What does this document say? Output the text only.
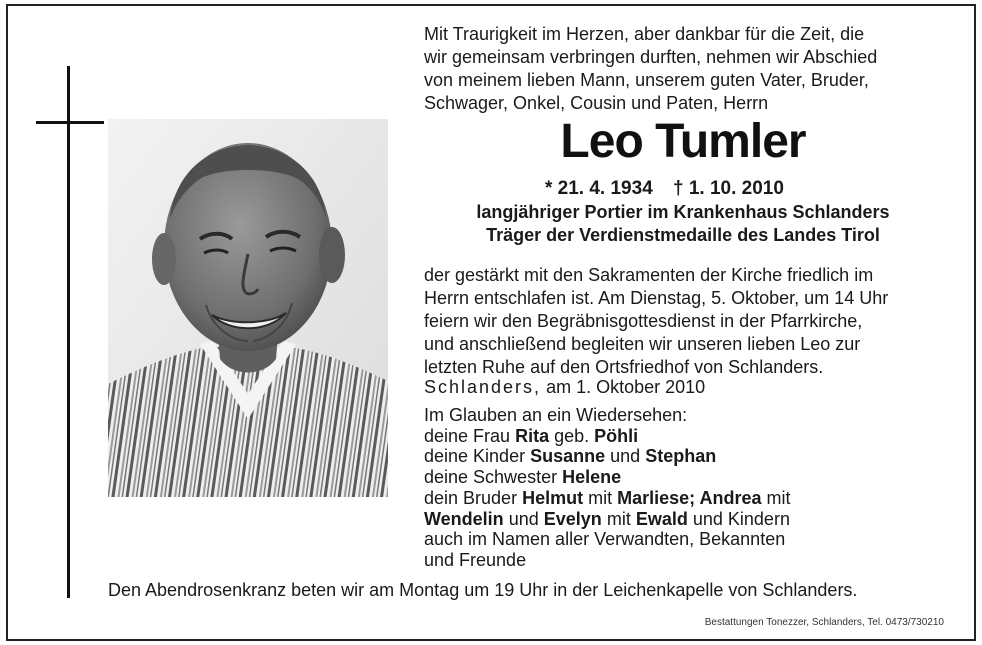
Mit Traurigkeit im Herzen, aber dankbar für die Zeit, die
wir gemeinsam verbringen durften, nehmen wir Abschied
von meinem lieben Mann, unserem guten Vater, Bruder,
Schwager, Onkel, Cousin und Paten, Herrn
Leo Tumler
* 21. 4. 1934 † 1. 10. 2010
langjähriger Portier im Krankenhaus Schlanders
Träger der Verdienstmedaille des Landes Tirol
der gestärkt mit den Sakramenten der Kirche friedlich im
Herrn entschlafen ist. Am Dienstag, 5. Oktober, um 14 Uhr
feiern wir den Begräbnisgottesdienst in der Pfarrkirche,
und anschließend begleiten wir unseren lieben Leo zur
letzten Ruhe auf den Ortsfriedhof von Schlanders.
Schlanders, am 1. Oktober 2010
Im Glauben an ein Wiedersehen:
deine Frau Rita geb. Pöhli
deine Kinder Susanne und Stephan
deine Schwester Helene
dein Bruder Helmut mit Marliese; Andrea mit
Wendelin und Evelyn mit Ewald und Kindern
auch im Namen aller Verwandten, Bekannten
und Freunde
Den Abendrosenkranz beten wir am Montag um 19 Uhr in der Leichenkapelle von Schlanders.
Bestattungen Tonezzer, Schlanders, Tel. 0473/730210
